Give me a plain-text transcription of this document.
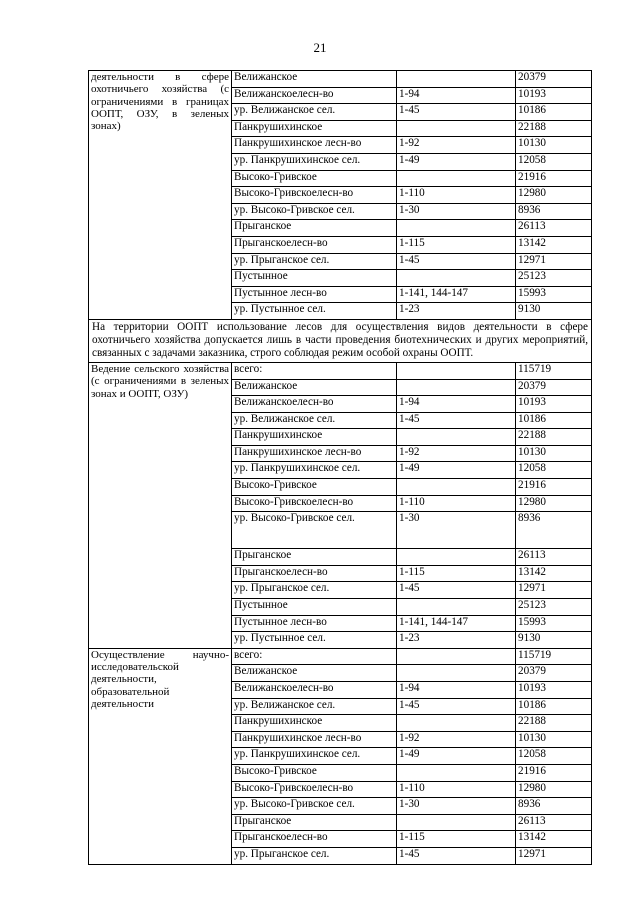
21
деятельности в сфере охотничьего хозяйства (с ограничениями в границах ООПТ, ОЗУ, в зеленых зонах)	Велижанское		20379
	Велижанскоелесн-во	1-94	10193
	ур. Велижанское сел.	1-45	10186
	Панкрушихинское		22188
	Панкрушихинское лесн-во	1-92	10130
	ур. Панкрушихинское сел.	1-49	12058
	Высоко-Гривское		21916
	Высоко-Гривскоелесн-во	1-110	12980
	ур. Высоко-Гривское сел.	1-30	8936
	Прыганское		26113
	Прыганскоелесн-во	1-115	13142
	ур. Прыганское сел.	1-45	12971
	Пустынное		25123
	Пустынное лесн-во	1-141, 144-147	15993
	ур. Пустынное сел.	1-23	9130
На территории ООПТ использование лесов для осуществления видов деятельности в сфере охотничьего хозяйства допускается лишь в части проведения биотехнических и других мероприятий, связанных с задачами заказника, строго соблюдая режим особой охраны ООПТ.			
Ведение сельского хозяйства (с ограничениями в зеленых зонах и ООПТ, ОЗУ)	всего:		115719
	Велижанское		20379
	Велижанскоелесн-во	1-94	10193
	ур. Велижанское сел.	1-45	10186
	Панкрушихинское		22188
	Панкрушихинское лесн-во	1-92	10130
	ур. Панкрушихинское сел.	1-49	12058
	Высоко-Гривское		21916
	Высоко-Гривскоелесн-во	1-110	12980
	ур. Высоко-Гривское сел.	1-30	8936
	Прыганское		26113
	Прыганскоелесн-во	1-115	13142
	ур. Прыганское сел.	1-45	12971
	Пустынное		25123
	Пустынное лесн-во	1-141, 144-147	15993
	ур. Пустынное сел.	1-23	9130
Осуществление научно-исследовательской деятельности, образовательной деятельности	всего:		115719
	Велижанское		20379
	Велижанскоелесн-во	1-94	10193
	ур. Велижанское сел.	1-45	10186
	Панкрушихинское		22188
	Панкрушихинское лесн-во	1-92	10130
	ур. Панкрушихинское сел.	1-49	12058
	Высоко-Гривское		21916
	Высоко-Гривскоелесн-во	1-110	12980
	ур. Высоко-Гривское сел.	1-30	8936
	Прыганское		26113
	Прыганскоелесн-во	1-115	13142
	ур. Прыганское сел.	1-45	12971
